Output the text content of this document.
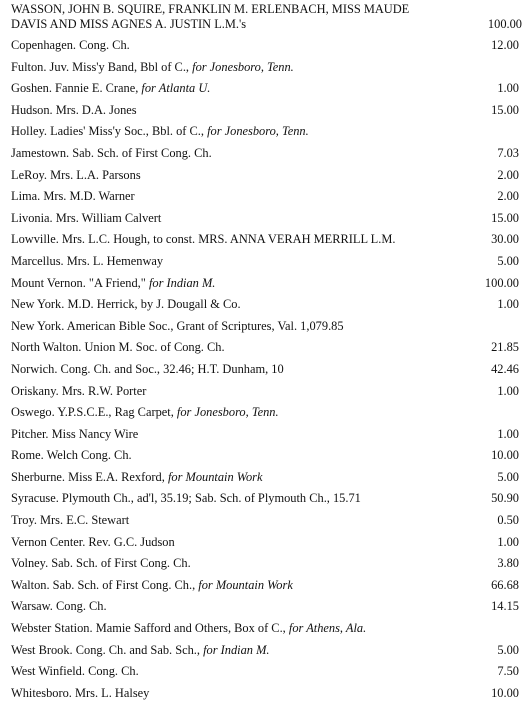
WASSON, JOHN B. SQUIRE, FRANKLIN M. ERLENBACH, MISS MAUDE
DAVIS AND MISS AGNES A. JUSTIN L.M.'s	100.00
Copenhagen. Cong. Ch.	12.00
Fulton. Juv. Miss'y Band, Bbl of C., for Jonesboro, Tenn.
Goshen. Fannie E. Crane, for Atlanta U.	1.00
Hudson. Mrs. D.A. Jones	15.00
Holley. Ladies' Miss'y Soc., Bbl. of C., for Jonesboro, Tenn.
Jamestown. Sab. Sch. of First Cong. Ch.	7.03
LeRoy. Mrs. L.A. Parsons	2.00
Lima. Mrs. M.D. Warner	2.00
Livonia. Mrs. William Calvert	15.00
Lowville. Mrs. L.C. Hough, to const. MRS. ANNA VERAH MERRILL L.M.	30.00
Marcellus. Mrs. L. Hemenway	5.00
Mount Vernon. "A Friend," for Indian M.	100.00
New York. M.D. Herrick, by J. Dougall & Co.	1.00
New York. American Bible Soc., Grant of Scriptures, Val. 1,079.85
North Walton. Union M. Soc. of Cong. Ch.	21.85
Norwich. Cong. Ch. and Soc., 32.46; H.T. Dunham, 10	42.46
Oriskany. Mrs. R.W. Porter	1.00
Oswego. Y.P.S.C.E., Rag Carpet, for Jonesboro, Tenn.
Pitcher. Miss Nancy Wire	1.00
Rome. Welch Cong. Ch.	10.00
Sherburne. Miss E.A. Rexford, for Mountain Work	5.00
Syracuse. Plymouth Ch., ad'l, 35.19; Sab. Sch. of Plymouth Ch., 15.71	50.90
Troy. Mrs. E.C. Stewart	0.50
Vernon Center. Rev. G.C. Judson	1.00
Volney. Sab. Sch. of First Cong. Ch.	3.80
Walton. Sab. Sch. of First Cong. Ch., for Mountain Work	66.68
Warsaw. Cong. Ch.	14.15
Webster Station. Mamie Safford and Others, Box of C., for Athens, Ala.
West Brook. Cong. Ch. and Sab. Sch., for Indian M.	5.00
West Winfield. Cong. Ch.	7.50
Whitesboro. Mrs. L. Halsey	10.00
